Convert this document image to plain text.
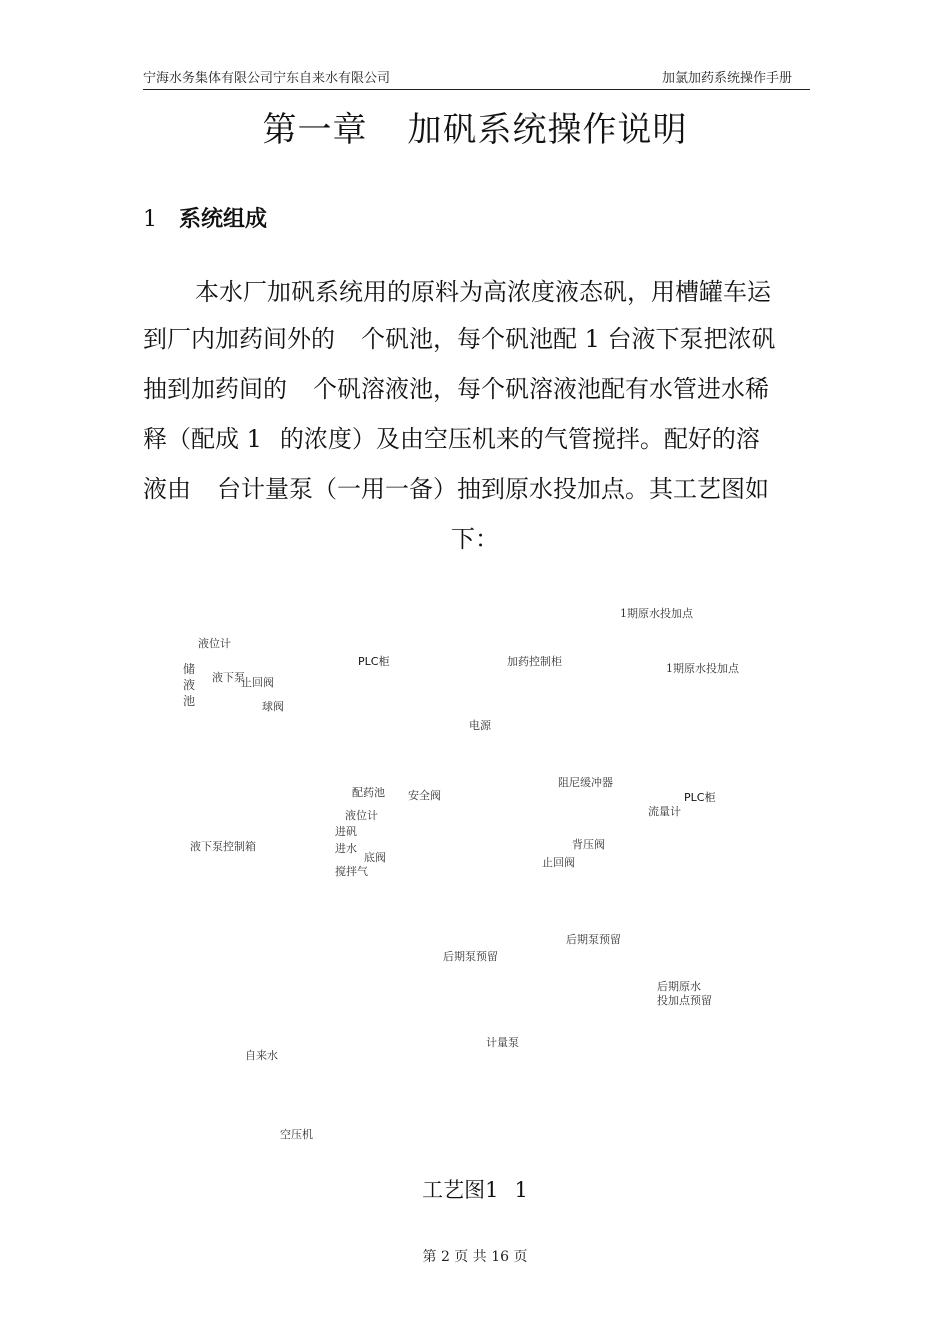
宁海水务集体有限公司宁东自来水有限公司	加氯加药系统操作手册
第一章 加矾系统操作说明
1 系统组成
本水厂加矾系统用的原料为高浓度液态矾，用槽罐车运
到厂内加药间外的 个矾池，每个矾池配 1 台液下泵把浓矾
抽到加药间的 个矾溶液池，每个矾溶液池配有水管进水稀
释（配成 1 的浓度）及由空压机来的气管搅拌。配好的溶
液由 台计量泵（一用一备）抽到原水投加点。其工艺图如
下：
1期原水投加点
液位计
储液池
PLC柜	加药控制柜
1期原水投加点
液下泵
止回阀
球阀
电源
阻尼缓冲器
配药池 安全阀	PLC柜
流量计
液位计
进矾
液下泵控制箱	背压阀
进水
底阀	止回阀
搅拌气
后期泵预留
后期泵预留
后期原水
投加点预留
计量泵
自来水
空压机
工艺图1 1
第 2 页 共 16 页
